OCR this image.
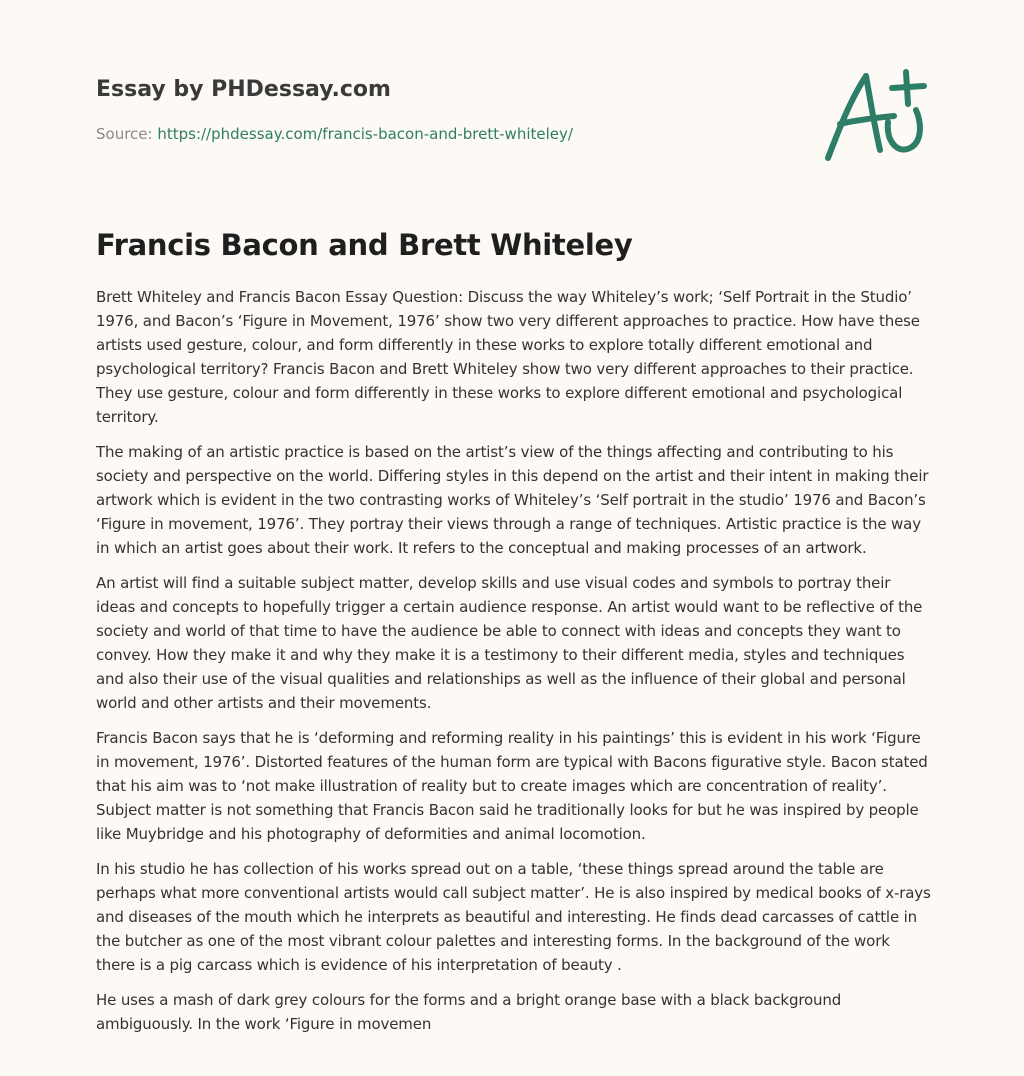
Essay by PHDessay.com
Source: https://phdessay.com/francis-bacon-and-brett-whiteley/
Francis Bacon and Brett Whiteley

Brett Whiteley and Francis Bacon Essay Question: Discuss the way Whiteley’s work; ‘Self Portrait in the Studio’ 1976, and Bacon’s ‘Figure in Movement, 1976’ show two very different approaches to practice. How have these artists used gesture, colour, and form differently in these works to explore totally different emotional and psychological territory? Francis Bacon and Brett Whiteley show two very different approaches to their practice. They use gesture, colour and form differently in these works to explore different emotional and psychological territory.

The making of an artistic practice is based on the artist’s view of the things affecting and contributing to his society and perspective on the world. Differing styles in this depend on the artist and their intent in making their artwork which is evident in the two contrasting works of Whiteley’s ‘Self portrait in the studio’ 1976 and Bacon’s ‘Figure in movement, 1976’. They portray their views through a range of techniques. Artistic practice is the way in which an artist goes about their work. It refers to the conceptual and making processes of an artwork.

An artist will find a suitable subject matter, develop skills and use visual codes and symbols to portray their ideas and concepts to hopefully trigger a certain audience response. An artist would want to be reflective of the society and world of that time to have the audience be able to connect with ideas and concepts they want to convey. How they make it and why they make it is a testimony to their different media, styles and techniques and also their use of the visual qualities and relationships as well as the influence of their global and personal world and other artists and their movements.

Francis Bacon says that he is ‘deforming and reforming reality in his paintings’ this is evident in his work ‘Figure in movement, 1976’. Distorted features of the human form are typical with Bacons figurative style. Bacon stated that his aim was to ‘not make illustration of reality but to create images which are concentration of reality’. Subject matter is not something that Francis Bacon said he traditionally looks for but he was inspired by people like Muybridge and his photography of deformities and animal locomotion.

In his studio he has collection of his works spread out on a table, ‘these things spread around the table are perhaps what more conventional artists would call subject matter’. He is also inspired by medical books of x-rays and diseases of the mouth which he interprets as beautiful and interesting. He finds dead carcasses of cattle in the butcher as one of the most vibrant colour palettes and interesting forms. In the background of the work there is a pig carcass which is evidence of his interpretation of beauty .

He uses a mash of dark grey colours for the forms and a bright orange base with a black background ambiguously. In the work ‘Figure in movemen
